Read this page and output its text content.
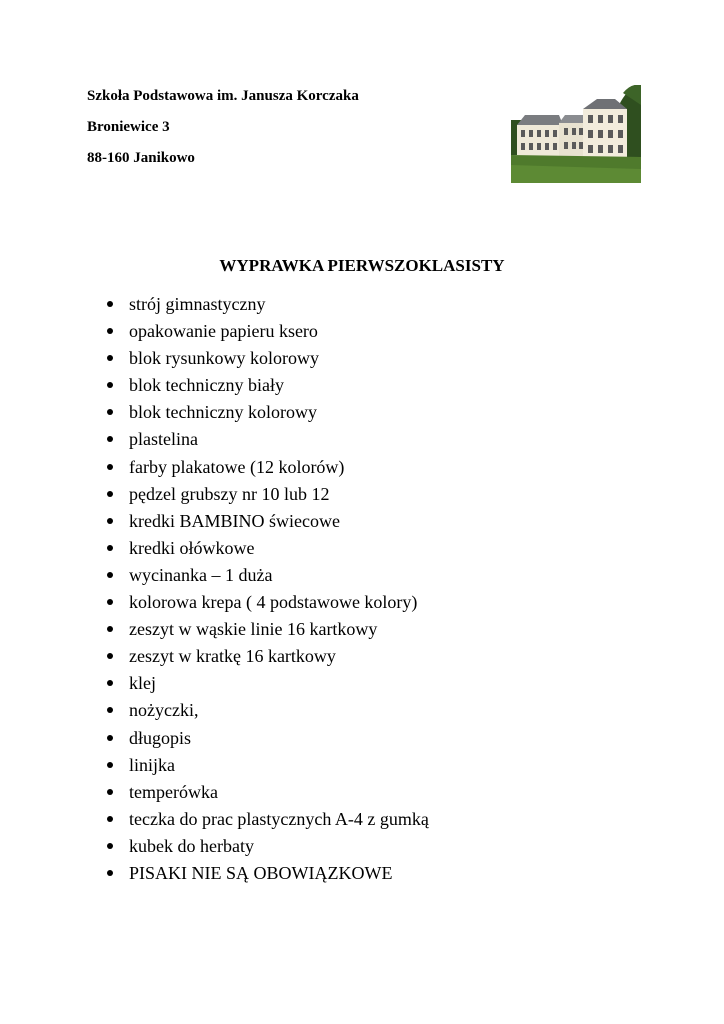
Szkoła Podstawowa im. Janusza Korczaka
Broniewice 3
88-160 Janikowo
WYPRAWKA PIERWSZOKLASISTY
strój gimnastyczny
opakowanie papieru ksero
blok rysunkowy kolorowy
blok techniczny biały
blok techniczny kolorowy
plastelina
farby plakatowe (12 kolorów)
pędzel grubszy nr 10 lub 12
kredki BAMBINO świecowe
kredki ołówkowe
wycinanka – 1 duża
kolorowa krepa ( 4 podstawowe kolory)
zeszyt w wąskie linie 16 kartkowy
zeszyt w kratkę 16 kartkowy
klej
nożyczki,
długopis
linijka
temperówka
teczka do prac plastycznych A-4 z gumką
kubek do herbaty
PISAKI NIE SĄ OBOWIĄZKOWE
